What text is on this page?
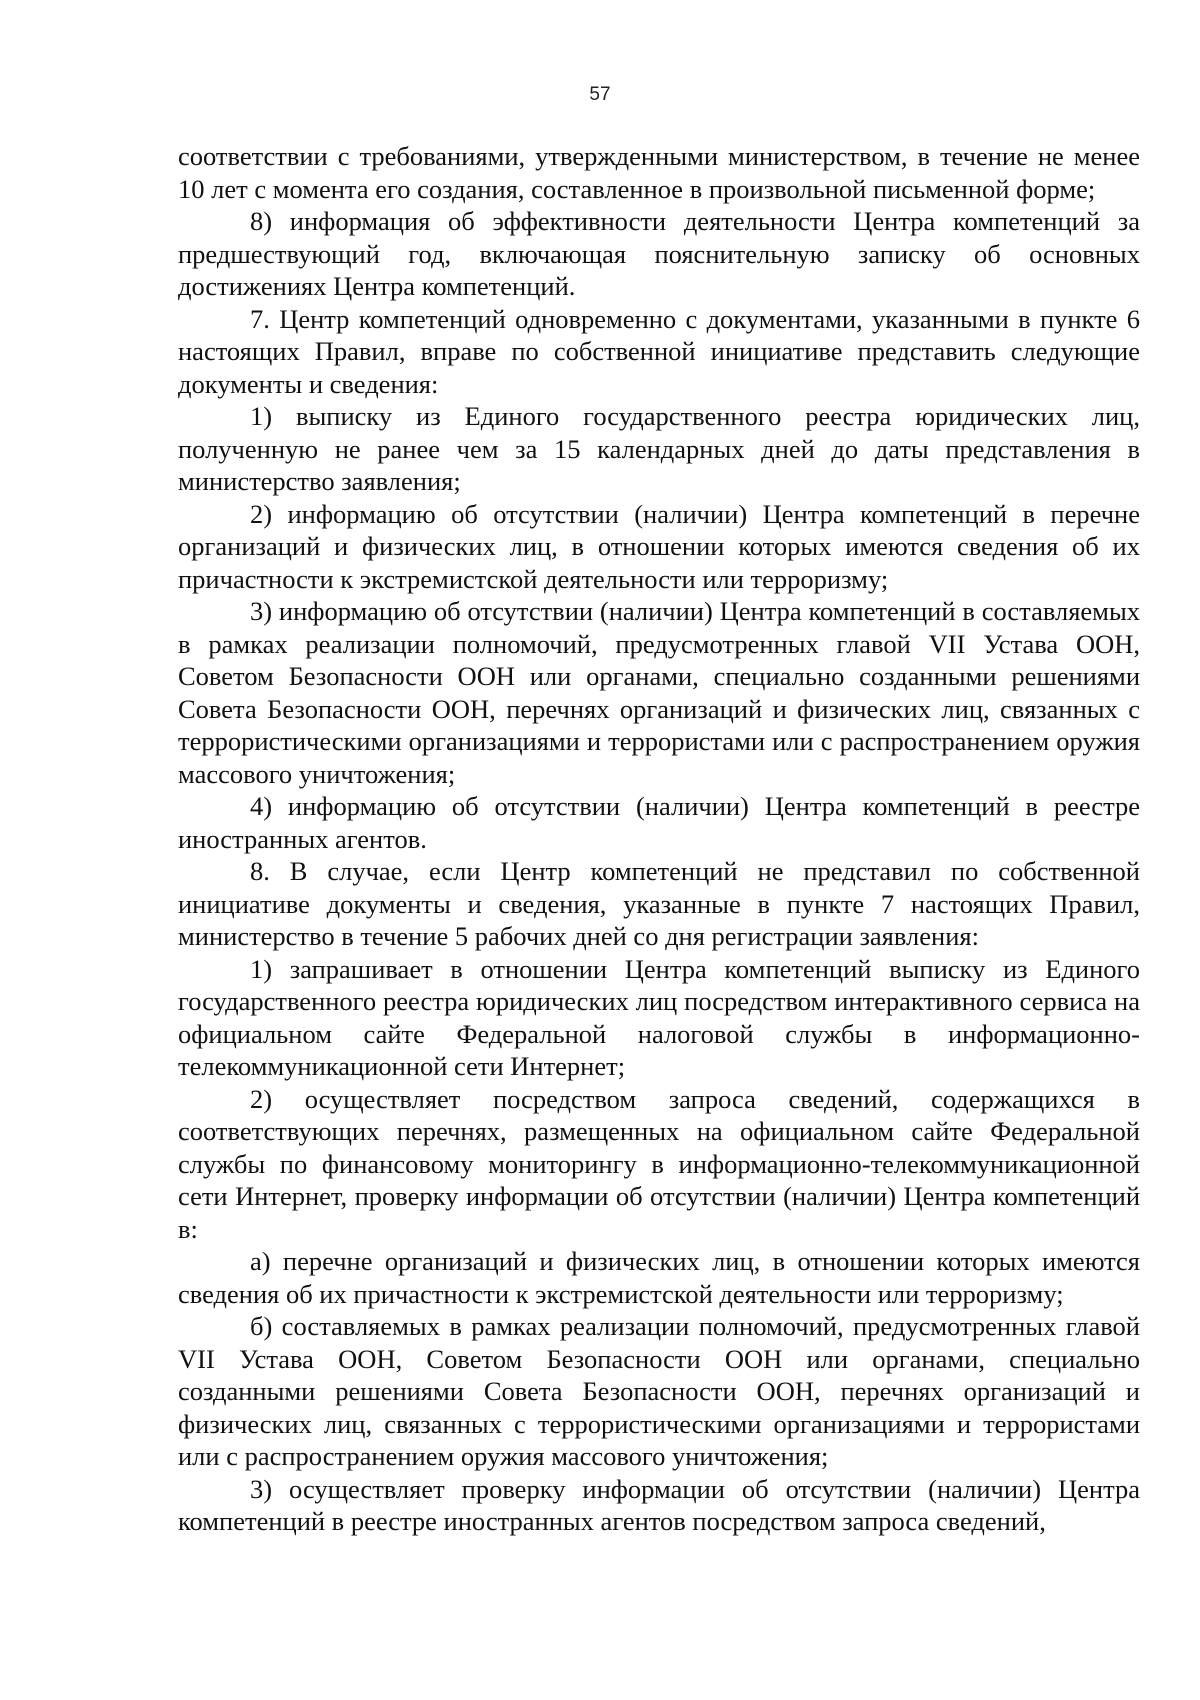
57

соответствии с требованиями, утвержденными министерством, в течение не менее 10 лет с момента его создания, составленное в произвольной письменной форме;

8) информация об эффективности деятельности Центра компетенций за предшествующий год, включающая пояснительную записку об основных достижениях Центра компетенций.

7. Центр компетенций одновременно с документами, указанными в пункте 6 настоящих Правил, вправе по собственной инициативе представить следующие документы и сведения:

1) выписку из Единого государственного реестра юридических лиц, полученную не ранее чем за 15 календарных дней до даты представления в министерство заявления;

2) информацию об отсутствии (наличии) Центра компетенций в перечне организаций и физических лиц, в отношении которых имеются сведения об их причастности к экстремистской деятельности или терроризму;

3) информацию об отсутствии (наличии) Центра компетенций в составляемых в рамках реализации полномочий, предусмотренных главой VII Устава ООН, Советом Безопасности ООН или органами, специально созданными решениями Совета Безопасности ООН, перечнях организаций и физических лиц, связанных с террористическими организациями и террористами или с распространением оружия массового уничтожения;

4) информацию об отсутствии (наличии) Центра компетенций в реестре иностранных агентов.

8. В случае, если Центр компетенций не представил по собственной инициативе документы и сведения, указанные в пункте 7 настоящих Правил, министерство в течение 5 рабочих дней со дня регистрации заявления:

1) запрашивает в отношении Центра компетенций выписку из Единого государственного реестра юридических лиц посредством интерактивного сервиса на официальном сайте Федеральной налоговой службы в информационно-телекоммуникационной сети Интернет;

2) осуществляет посредством запроса сведений, содержащихся в соответствующих перечнях, размещенных на официальном сайте Федеральной службы по финансовому мониторингу в информационно-телекоммуникационной сети Интернет, проверку информации об отсутствии (наличии) Центра компетенций в:

а) перечне организаций и физических лиц, в отношении которых имеются сведения об их причастности к экстремистской деятельности или терроризму;

б) составляемых в рамках реализации полномочий, предусмотренных главой VII Устава ООН, Советом Безопасности ООН или органами, специально созданными решениями Совета Безопасности ООН, перечнях организаций и физических лиц, связанных с террористическими организациями и террористами или с распространением оружия массового уничтожения;

3) осуществляет проверку информации об отсутствии (наличии) Центра компетенций в реестре иностранных агентов посредством запроса сведений,
